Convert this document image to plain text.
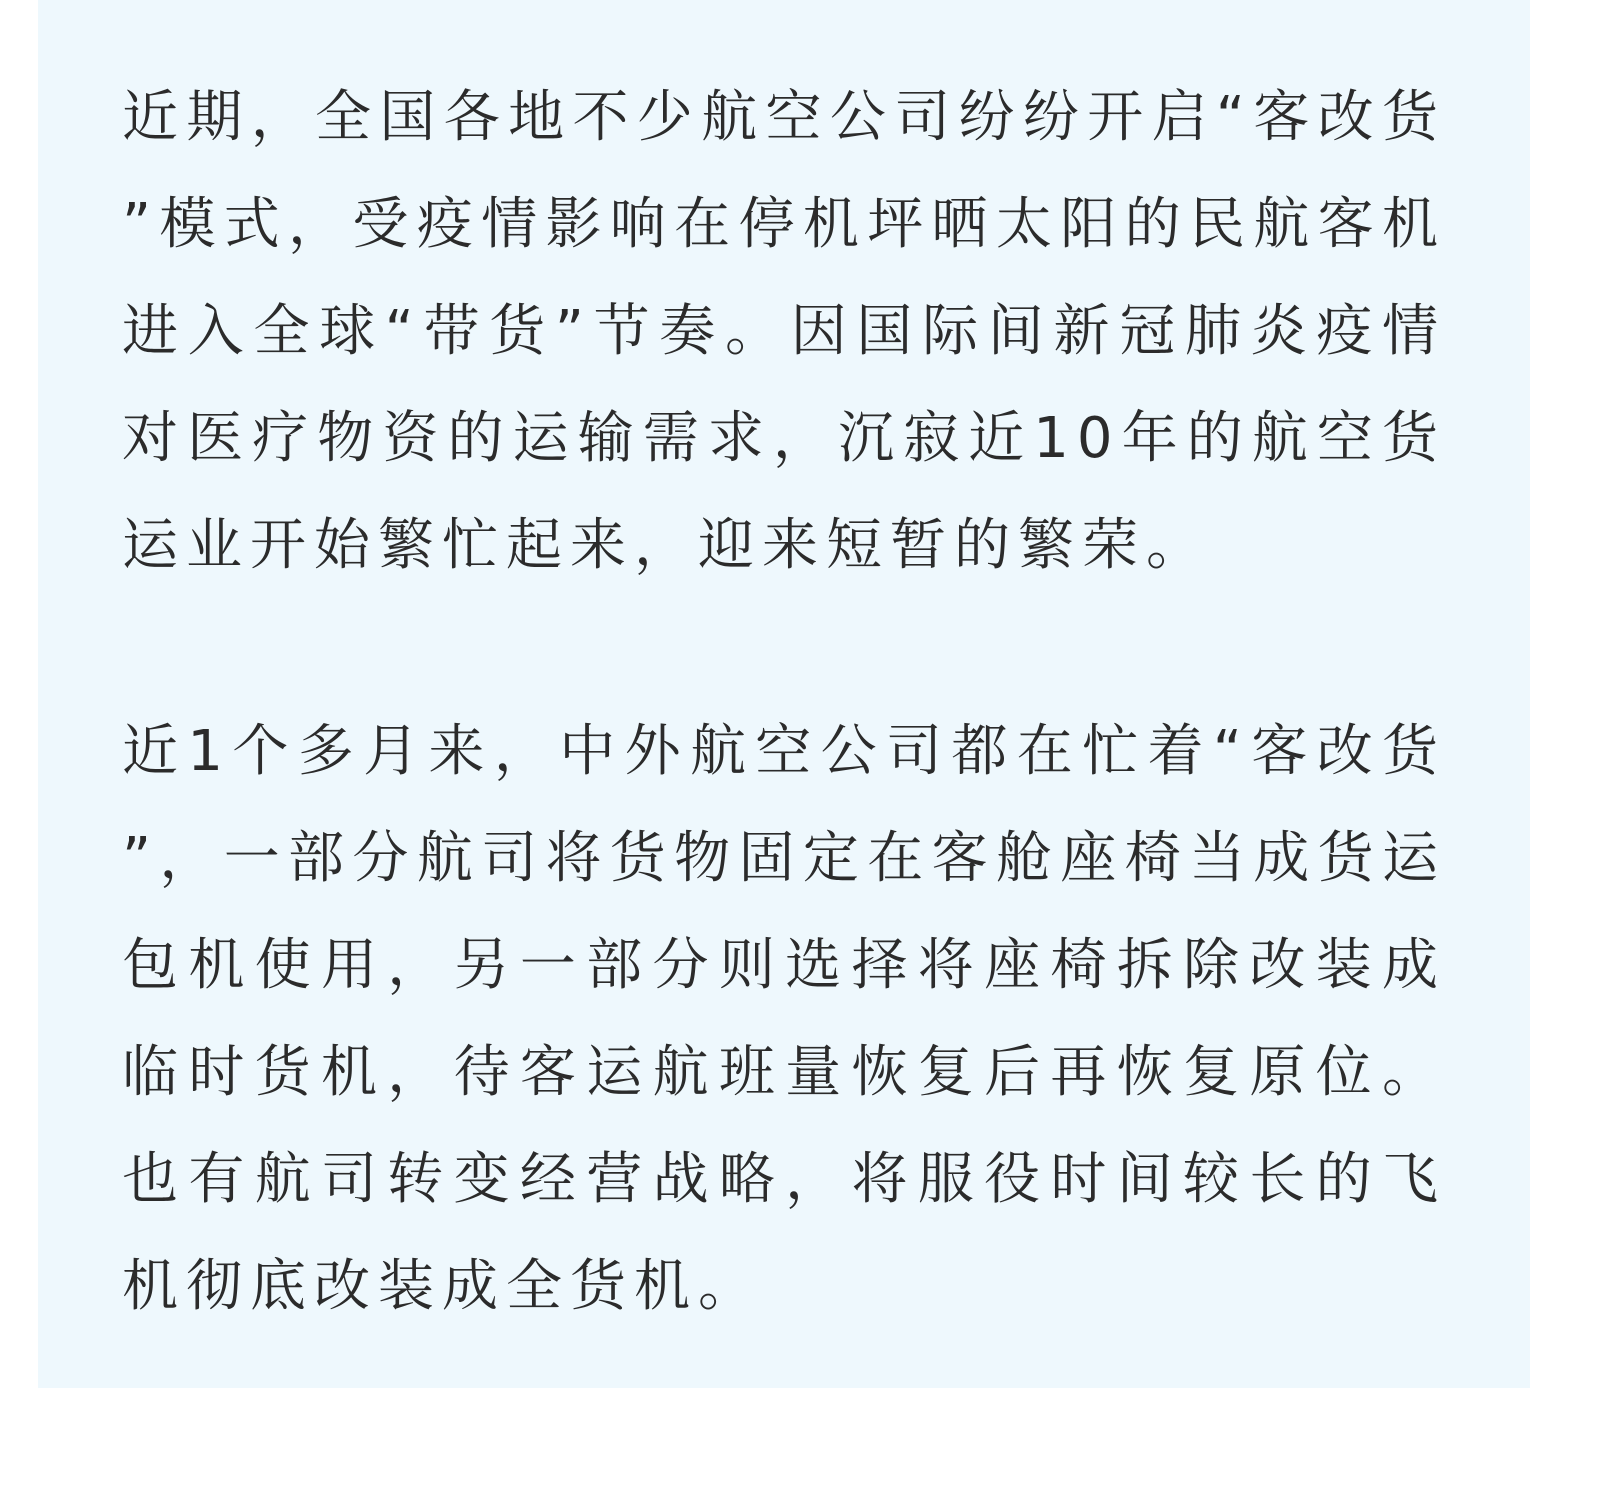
近期，全国各地不少航空公司纷纷开启“客改货”模式，受疫情影响在停机坪晒太阳的民航客机进入全球“带货”节奏。因国际间新冠肺炎疫情对医疗物资的运输需求，沉寂近10年的航空货运业开始繁忙起来，迎来短暂的繁荣。

近1个多月来，中外航空公司都在忙着“客改货”，一部分航司将货物固定在客舱座椅当成货运包机使用，另一部分则选择将座椅拆除改装成临时货机，待客运航班量恢复后再恢复原位。也有航司转变经营战略，将服役时间较长的飞机彻底改装成全货机。
